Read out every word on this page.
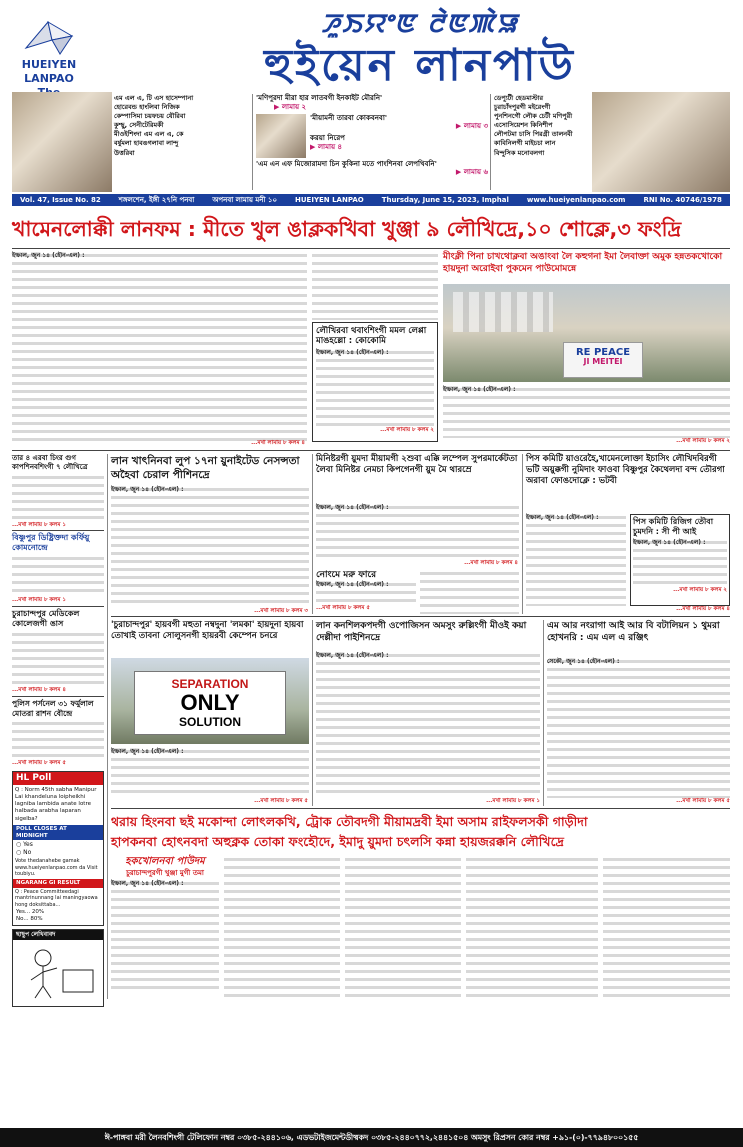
HUEIYEN
LANPAO
ꯍꯨꯏꯌꯦꯟ ꯂꯥꯟꯄꯥꯎ
হুইয়েন লানপাউ
এম এল এ, টি এস হাসেম্পানা
হোরেবন্ড হাংলিবা নিজিক
কেম্পাসিমা চয়ফচয় যৌরিবা
কুশ্ছু, সেনীটেরিমকী
মীওইশিংদা এম এল এ, কে
বর্ষুমলা হাবঙগলাবা লান্দু
উত্তরিবা
'মণিপুরদা মীরা হার লাতবগী ইনকাইট মৌরনি'
▶ লামায় ২
'মীয়ামনী তারবা কোকবনবা'
▶ লামায় ৩
করয়া নিরেপ
▶ লামায় ৪
'এম এন এফ মিজোরামদা চিন কুকিনা মতে পাংশিনবা লেপখিবনি'
▶ লামায় ৬
ডেপ্যুটী হেডমাস্টার
চুরাচাঁদপুরগী মইরেংগী
পুনশিনগৌ লৌক চেটী মণিপুরী
এসোসিয়েশন কিনিশীপ
লৌপটমা চাসি পিরগ্রী তালনবী
কাবিনিলগী মাইচচা লান
বিন্দুসিক মনোবলগা
Vol. 47, Issue No. 82	শঙ্গলশেন, ইঙ্গী ২৭নি পনবা	অপনবা লামায় মনী ১০	HUEIYEN LANPAO	Thursday, June 15, 2023, Imphal	www.hueiyenlanpao.com	RNI No. 40746/1978
খামেনলোক্কী লানফম : মীতে খুল ঙাক্লকখিবা খুঞ্জা ৯ লৌখিদ্রে,১০ শোক্লে,৩ ফংদ্রি
ইম্ফাল, জুন ১৪ (হৌন-এল) :
...মখা লামায় ৮ কলম ৪
লৌখিরবা থবাংশিংগী মমল লেপ্পা মাঙহল্লো : কোকোমি
ইম্ফাল, জুন ১৪ (হৌন-এল) :
...মখা লামায় ৮ কলম ২
মীংক্লী পিনা চাখথোক্লবা অঙাংবা লৈ কহুগনা ইমা লৈবাক্তা অমুক হন্নতকখোকো হায়দুনা অরোইবা পুকমেন পাউমোমন্নে
RE PEACE
JI MEITEI
ইম্ফাল, জুন ১৪ (হৌন-এল) :
...মখা লামায় ৮ কলম ২
তার ৪ এরবা চিংর গুগ কাপশিনবশিংগী ৭ লৌখিত্রে
...মখা লামায় ৮ কলম ১
বিষ্ণুপুর ডিষ্ট্রিক্তদা কর্ফিয়ু কোমনোন্দ্রে
...মখা লামায় ৮ কলম ১
চুরাচান্দপুর মেডিকেল কোলেজগী ঙাস
...মখা লামায় ৮ কলম ৪
পুলিস পর্সনেল ৩১ ফর্মুলাল মোতরা রাশন বৌন্দ্রে
...মখা লামায় ৮ কলম ৫
HL Poll
Q : Norm 45th sabha Manipur Lai khandeluna loipheikhi lagniba lambida anate lotre halbada arabha laparan sigelba?
POLL CLOSES AT MIDNIGHT
○ Yes
○ No
Vote thedanahebe gamak www.hueiyenlanpao.com da Visit toubiyu.
NGARANG GI RESULT
Q : Peace Committeedagi mantrinunnang lai maningyaowa hong doksittaba...
Yes... 20%
No... 80%
ছাছুপ লেখিবাবদ
লান খাৎনিনবা লুপ ১৭না য়ুনাইটেড নেসন্সতা অহৈবা চেরাল পীশিনদ্রে
ইম্ফাল, জুন ১৪ (হৌন-এল) :
...মখা লামায় ৮ কলম ৩
মিনিষ্টরগী য়ুমদা মীয়ামগী ২শুবা এক্কি লম্পেল সুপরমার্কেটতা লৈবা মিনিষ্টর নেমচা কিপগেনগী য়ুম মৈ থারম্রে
ইম্ফাল, জুন ১৪ (হৌন-এল) :
...মখা লামায় ৮ কলম ৪
নোংমে মরু ফারে
ইম্ফাল, জুন ১৪ (হৌন-এল) :
...মখা লামায় ৮ কলম ৫
পিস কমিটি য়াওরেহৈ,খামেনলোক্তা ইচাসিং লৌখিদবিরগী ভটি অয়ুক্কগী নুমিদাং ফাওবা বিষ্ণুপুর কৈথেলদা বন্দ তৌরগা অরাবা ফোঙদোক্লে : ভটবী
ইম্ফাল, জুন ১৪ (হৌন-এল) :	পিস কমিটি রিজিগ তৌবা চুমদনি : সী পী আই
ইম্ফাল, জুন ১৪ (হৌন-এল) :
...মখা লামায় ৮ কলম ২
...মখা লামায় ৮ কলম ৪
'চুরাচান্দপুর' হায়বগী মহুতা নম্বদুনা 'লমকা' হায়দুনা হায়বা তোখাই তাবনা সোলুসনগী হায়রবী কেম্পেন চনরে
SEPARATION
ONLY
SOLUTION
ইম্ফাল, জুন ১৪ (হৌন-এল) :
...মখা লামায় ৮ কলম ৫
লান কনশিলকপদগী ওপোজিসন অমসুং রুল্লিংগী মীওই কয়া দেল্লীদা পাইশিনদ্রে
ইম্ফাল, জুন ১৪ (হৌন-এল) :
...মখা লামায় ৮ কলম ১
এম আর নংরাগা আই আর বি বটালিয়ন ১ থুমরা হোখনরি : এম এল এ রঞ্জিৎ
সেকৌ, জুন ১৪ (হৌন-এল) :
...মখা লামায় ৮ কলম ৫
থরায় হিংনবা ছই মকোন্দা লোৎলকখি, ট্রোক তৌবদগী মীয়ামদ্রবী ইমা অসাম রাইফলসকী গাড়ীদা
হাপকনবা হোৎনবদা অহুক্নক তোকা ফংহৌদে, ইমাদু য়ুমদা চৎলসি কন্না হায়জরক্কনি লৌখিদ্রে
হকখোলনবা পাউদম
চুরাচান্দপুরগী খুঞ্জা মুগী তমা
ইম্ফাল, জুন ১৪ (হৌন-এল) :
ঈ-পাঙ্গবা মরী লৈনবশিংগী টেলিফোন নম্বর ০৩৮৫-২৪৪১০৬, এডভটাইজমেন্টডীষ্মকদ ০৩৮৫-২৪৪০৭৭২,২৪৪১৫০৪ অমসুং রিপ্রসন কোর নম্বর +৯১-(০)-৭৭৯৪৮০০১৫৫
